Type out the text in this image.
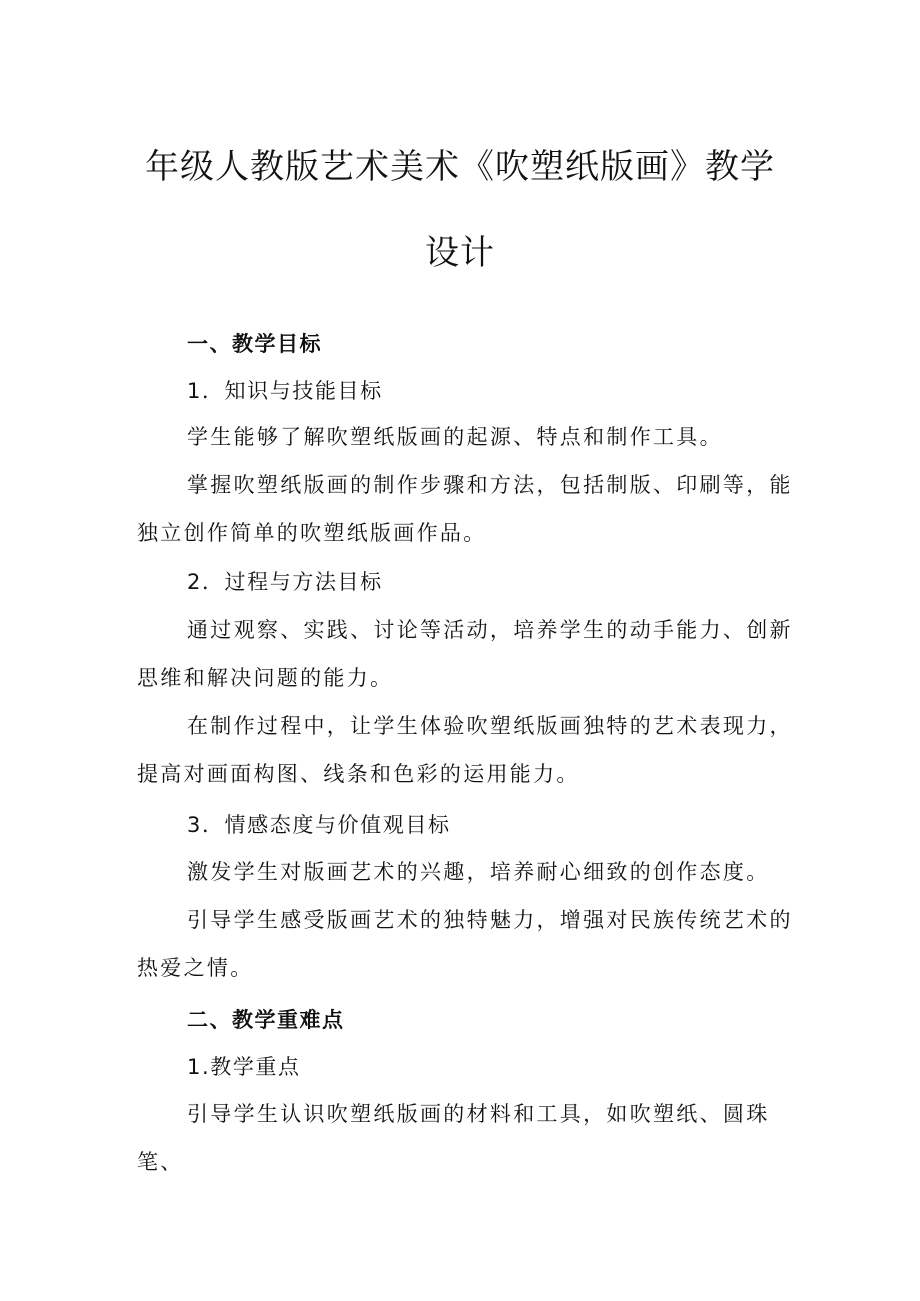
年级人教版艺术美术《吹塑纸版画》教学
设计
一、教学目标
1．知识与技能目标

学生能够了解吹塑纸版画的起源、特点和制作工具。

掌握吹塑纸版画的制作步骤和方法，包括制版、印刷等，能独立创作简单的吹塑纸版画作品。

2．过程与方法目标

通过观察、实践、讨论等活动，培养学生的动手能力、创新思维和解决问题的能力。

在制作过程中，让学生体验吹塑纸版画独特的艺术表现力，提高对画面构图、线条和色彩的运用能力。

3．情感态度与价值观目标

激发学生对版画艺术的兴趣，培养耐心细致的创作态度。

引导学生感受版画艺术的独特魅力，增强对民族传统艺术的热爱之情。

二、教学重难点
1.教学重点

引导学生认识吹塑纸版画的材料和工具，如吹塑纸、圆珠笔、
